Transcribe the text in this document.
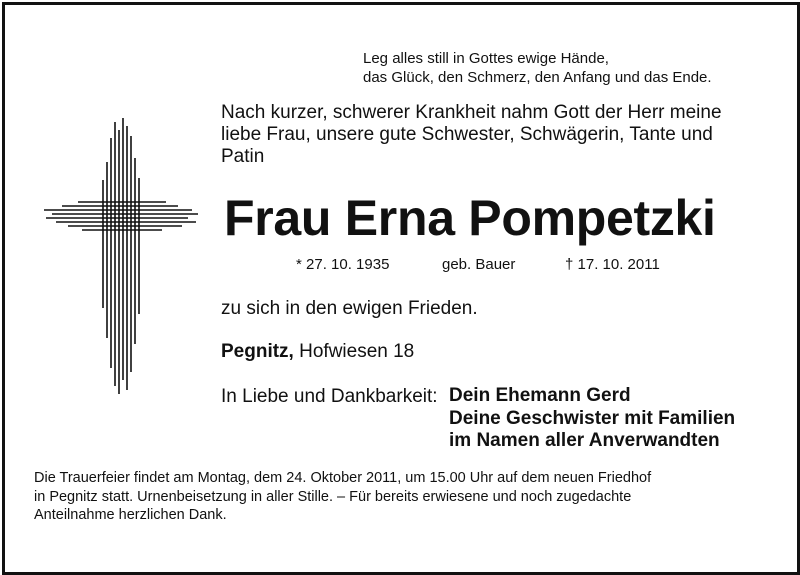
Leg alles still in Gottes ewige Hände,
das Glück, den Schmerz, den Anfang und das Ende.
Nach kurzer, schwerer Krankheit nahm Gott der Herr meine
liebe Frau, unsere gute Schwester, Schwägerin, Tante und
Patin
Frau Erna Pompetzki
* 27. 10. 1935	geb. Bauer	† 17. 10. 2011
zu sich in den ewigen Frieden.
Pegnitz, Hofwiesen 18
In Liebe und Dankbarkeit: Dein Ehemann Gerd
Deine Geschwister mit Familien
im Namen aller Anverwandten
Die Trauerfeier findet am Montag, dem 24. Oktober 2011, um 15.00 Uhr auf dem neuen Friedhof
in Pegnitz statt. Urnenbeisetzung in aller Stille. – Für bereits erwiesene und noch zugedachte
Anteilnahme herzlichen Dank.
